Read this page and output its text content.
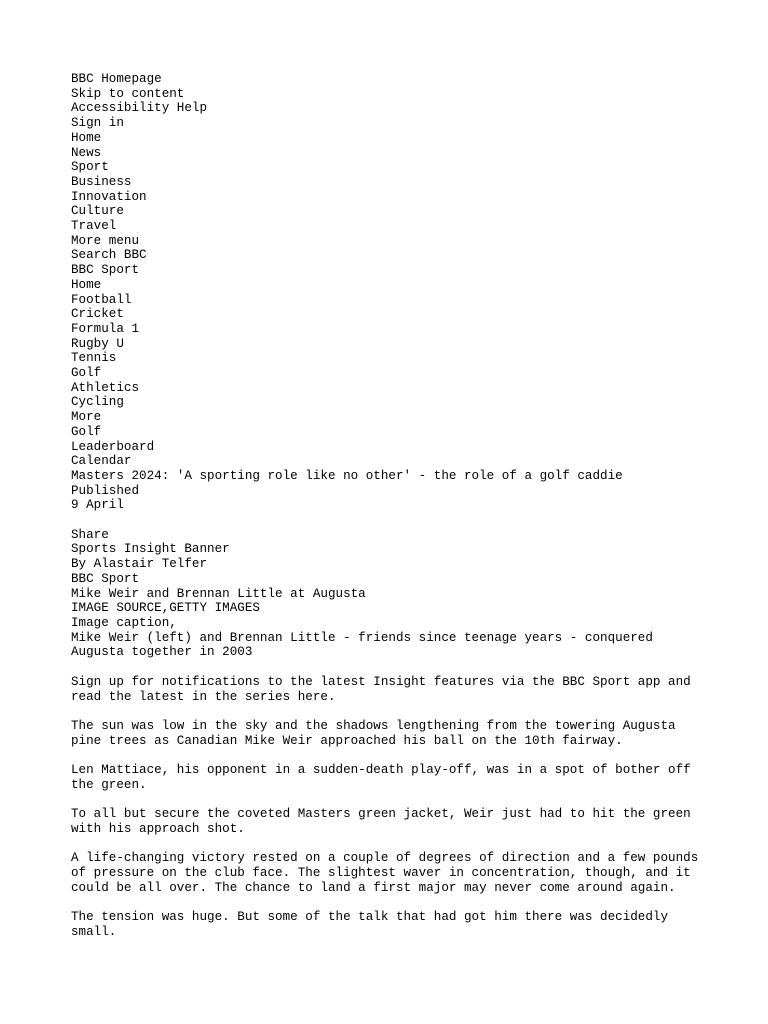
BBC Homepage
Skip to content
Accessibility Help
Sign in
Home
News
Sport
Business
Innovation
Culture
Travel
More menu
Search BBC
BBC Sport
Home
Football
Cricket
Formula 1
Rugby U
Tennis
Golf
Athletics
Cycling
More
Golf
Leaderboard
Calendar
Masters 2024: 'A sporting role like no other' - the role of a golf caddie
Published
9 April
Share
Sports Insight Banner
By Alastair Telfer
BBC Sport
Mike Weir and Brennan Little at Augusta
IMAGE SOURCE,GETTY IMAGES
Image caption,
Mike Weir (left) and Brennan Little - friends since teenage years - conquered
Augusta together in 2003

Sign up for notifications to the latest Insight features via the BBC Sport app and read the latest in the series here.

The sun was low in the sky and the shadows lengthening from the towering Augusta pine trees as Canadian Mike Weir approached his ball on the 10th fairway.

Len Mattiace, his opponent in a sudden-death play-off, was in a spot of bother off the green.

To all but secure the coveted Masters green jacket, Weir just had to hit the green with his approach shot.

A life-changing victory rested on a couple of degrees of direction and a few pounds of pressure on the club face. The slightest waver in concentration, though, and it could be all over. The chance to land a first major may never come around again.

The tension was huge. But some of the talk that had got him there was decidedly small.
